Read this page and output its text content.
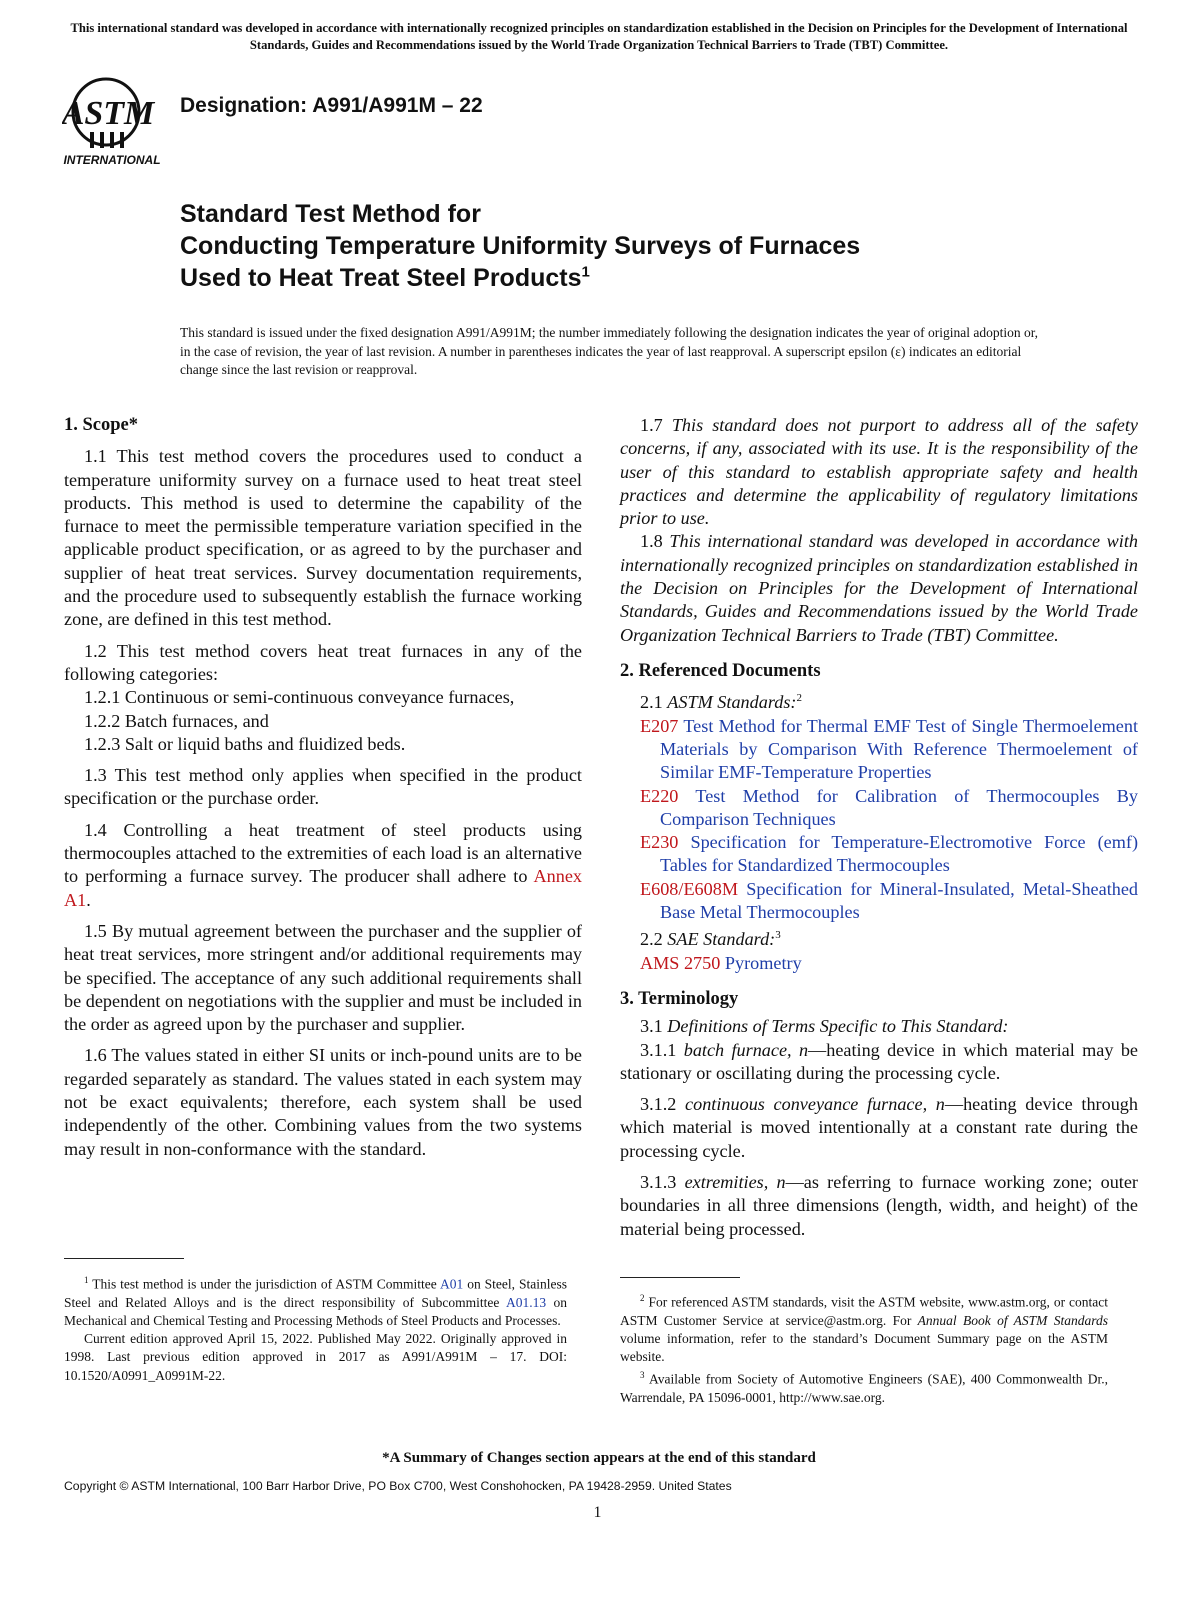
This international standard was developed in accordance with internationally recognized principles on standardization established in the Decision on Principles for the Development of International Standards, Guides and Recommendations issued by the World Trade Organization Technical Barriers to Trade (TBT) Committee.
ASTM
INTERNATIONAL
Designation: A991/A991M – 22
Standard Test Method for
Conducting Temperature Uniformity Surveys of Furnaces
Used to Heat Treat Steel Products$^1$
This standard is issued under the fixed designation A991/A991M; the number immediately following the designation indicates the year of original adoption or, in the case of revision, the year of last revision. A number in parentheses indicates the year of last reapproval. A superscript epsilon (ε) indicates an editorial change since the last revision or reapproval.
1. Scope*

1.1 This test method covers the procedures used to conduct a temperature uniformity survey on a furnace used to heat treat steel products. This method is used to determine the capability of the furnace to meet the permissible temperature variation specified in the applicable product specification, or as agreed to by the purchaser and supplier of heat treat services. Survey documentation requirements, and the procedure used to subsequently establish the furnace working zone, are defined in this test method.

1.2 This test method covers heat treat furnaces in any of the following categories:

1.2.1 Continuous or semi-continuous conveyance furnaces,

1.2.2 Batch furnaces, and

1.2.3 Salt or liquid baths and fluidized beds.

1.3 This test method only applies when specified in the product specification or the purchase order.

1.4 Controlling a heat treatment of steel products using thermocouples attached to the extremities of each load is an alternative to performing a furnace survey. The producer shall adhere to Annex A1.

1.5 By mutual agreement between the purchaser and the supplier of heat treat services, more stringent and/or additional requirements may be specified. The acceptance of any such additional requirements shall be dependent on negotiations with the supplier and must be included in the order as agreed upon by the purchaser and supplier.

1.6 The values stated in either SI units or inch-pound units are to be regarded separately as standard. The values stated in each system may not be exact equivalents; therefore, each system shall be used independently of the other. Combining values from the two systems may result in non-conformance with the standard.

1.7 This standard does not purport to address all of the safety concerns, if any, associated with its use. It is the responsibility of the user of this standard to establish appropriate safety and health practices and determine the applicability of regulatory limitations prior to use.

1.8 This international standard was developed in accordance with internationally recognized principles on standardization established in the Decision on Principles for the Development of International Standards, Guides and Recommendations issued by the World Trade Organization Technical Barriers to Trade (TBT) Committee.

2. Referenced Documents

2.1 ASTM Standards:$^2$

E207 Test Method for Thermal EMF Test of Single Thermoelement Materials by Comparison With Reference Thermoelement of Similar EMF-Temperature Properties

E220 Test Method for Calibration of Thermocouples By Comparison Techniques

E230 Specification for Temperature-Electromotive Force (emf) Tables for Standardized Thermocouples

E608/E608M Specification for Mineral-Insulated, Metal-Sheathed Base Metal Thermocouples

2.2 SAE Standard:$^3$

AMS 2750 Pyrometry

3. Terminology

3.1 Definitions of Terms Specific to This Standard:

3.1.1 batch furnace, n—heating device in which material may be stationary or oscillating during the processing cycle.

3.1.2 continuous conveyance furnace, n—heating device through which material is moved intentionally at a constant rate during the processing cycle.

3.1.3 extremities, n—as referring to furnace working zone; outer boundaries in all three dimensions (length, width, and height) of the material being processed.

$^1$ This test method is under the jurisdiction of ASTM Committee A01 on Steel, Stainless Steel and Related Alloys and is the direct responsibility of Subcommittee A01.13 on Mechanical and Chemical Testing and Processing Methods of Steel Products and Processes.

Current edition approved April 15, 2022. Published May 2022. Originally approved in 1998. Last previous edition approved in 2017 as A991/A991M – 17. DOI: 10.1520/A0991_A0991M-22.

$^2$ For referenced ASTM standards, visit the ASTM website, www.astm.org, or contact ASTM Customer Service at service@astm.org. For Annual Book of ASTM Standards volume information, refer to the standard’s Document Summary page on the ASTM website.

$^3$ Available from Society of Automotive Engineers (SAE), 400 Commonwealth Dr., Warrendale, PA 15096-0001, http://www.sae.org.

*A Summary of Changes section appears at the end of this standard
Copyright © ASTM International, 100 Barr Harbor Drive, PO Box C700, West Conshohocken, PA 19428-2959. United States
1
